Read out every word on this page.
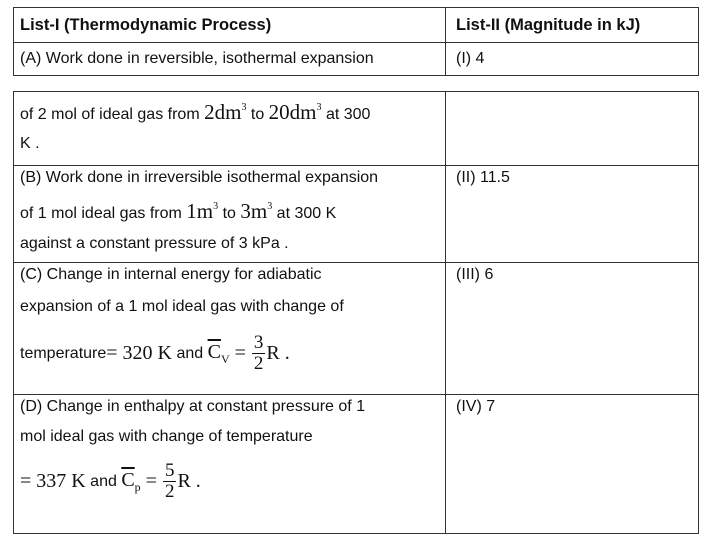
List-I (Thermodynamic Process)	List-II (Magnitude in kJ)
(A) Work done in reversible, isothermal expansion	(I) 4
of 2 mol of ideal gas from $2dm^3$ to $20dm^3$ at 300
K .
(B) Work done in irreversible isothermal expansion
of 1 mol ideal gas from $1m^3$ to $3m^3$ at 300 K
against a constant pressure of 3 kPa .
(II) 11.5
(C) Change in internal energy for adiabatic
expansion of a 1 mol ideal gas with change of
temperature = 320 K and $\overline{C}_V = \frac{3}{2}$ R .
(III) 6
(D) Change in enthalpy at constant pressure of 1
mol ideal gas with change of temperature
= 337 K and $\overline{C}_p = \frac{5}{2}$ R .
(IV) 7
